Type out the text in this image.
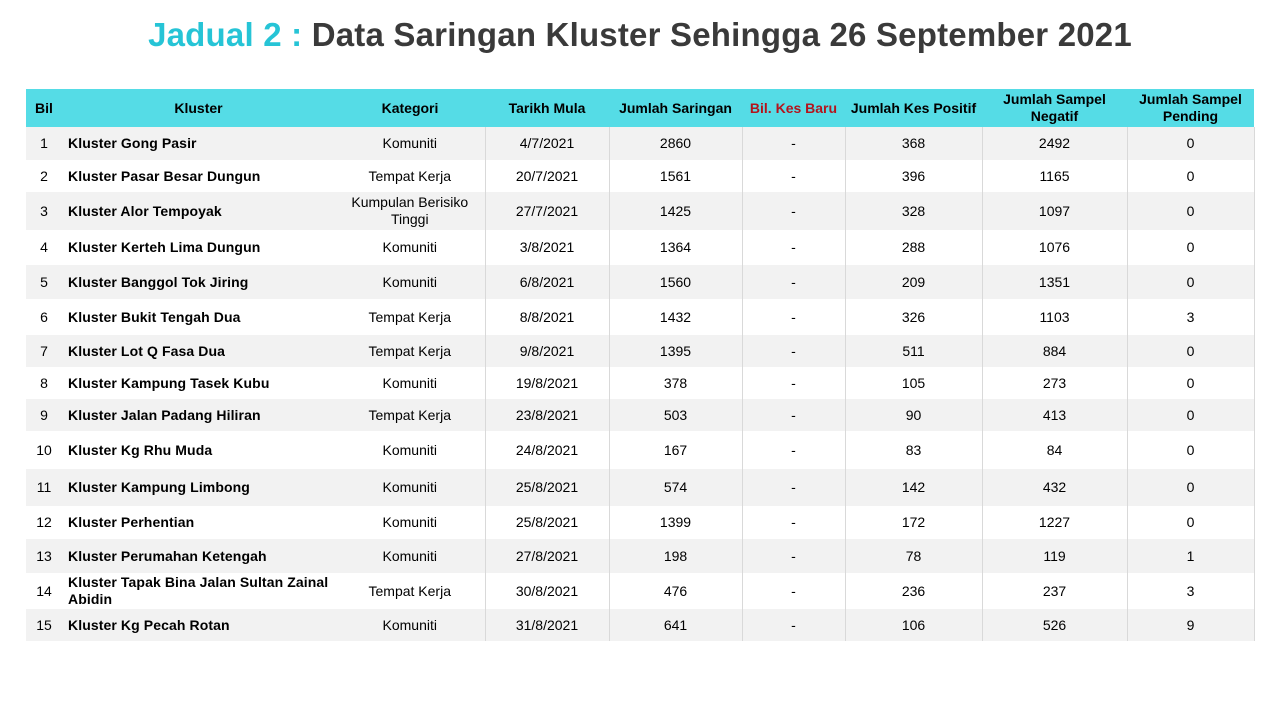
Jadual 2 : Data Saringan Kluster Sehingga 26 September 2021
Bil	Kluster	Kategori	Tarikh Mula	Jumlah Saringan	Bil. Kes Baru	Jumlah Kes Positif	Jumlah Sampel Negatif	Jumlah Sampel Pending
1	Kluster Gong Pasir	Komuniti	4/7/2021	2860	-	368	2492	0
2	Kluster Pasar Besar Dungun	Tempat Kerja	20/7/2021	1561	-	396	1165	0
3	Kluster Alor Tempoyak	Kumpulan Berisiko Tinggi	27/7/2021	1425	-	328	1097	0
4	Kluster Kerteh Lima Dungun	Komuniti	3/8/2021	1364	-	288	1076	0
5	Kluster Banggol Tok Jiring	Komuniti	6/8/2021	1560	-	209	1351	0
6	Kluster Bukit Tengah Dua	Tempat Kerja	8/8/2021	1432	-	326	1103	3
7	Kluster Lot Q Fasa Dua	Tempat Kerja	9/8/2021	1395	-	511	884	0
8	Kluster Kampung Tasek Kubu	Komuniti	19/8/2021	378	-	105	273	0
9	Kluster Jalan Padang Hiliran	Tempat Kerja	23/8/2021	503	-	90	413	0
10	Kluster Kg Rhu Muda	Komuniti	24/8/2021	167	-	83	84	0
11	Kluster Kampung Limbong	Komuniti	25/8/2021	574	-	142	432	0
12	Kluster Perhentian	Komuniti	25/8/2021	1399	-	172	1227	0
13	Kluster Perumahan Ketengah	Komuniti	27/8/2021	198	-	78	119	1
14	Kluster Tapak Bina Jalan Sultan Zainal Abidin	Tempat Kerja	30/8/2021	476	-	236	237	3
15	Kluster Kg Pecah Rotan	Komuniti	31/8/2021	641	-	106	526	9
